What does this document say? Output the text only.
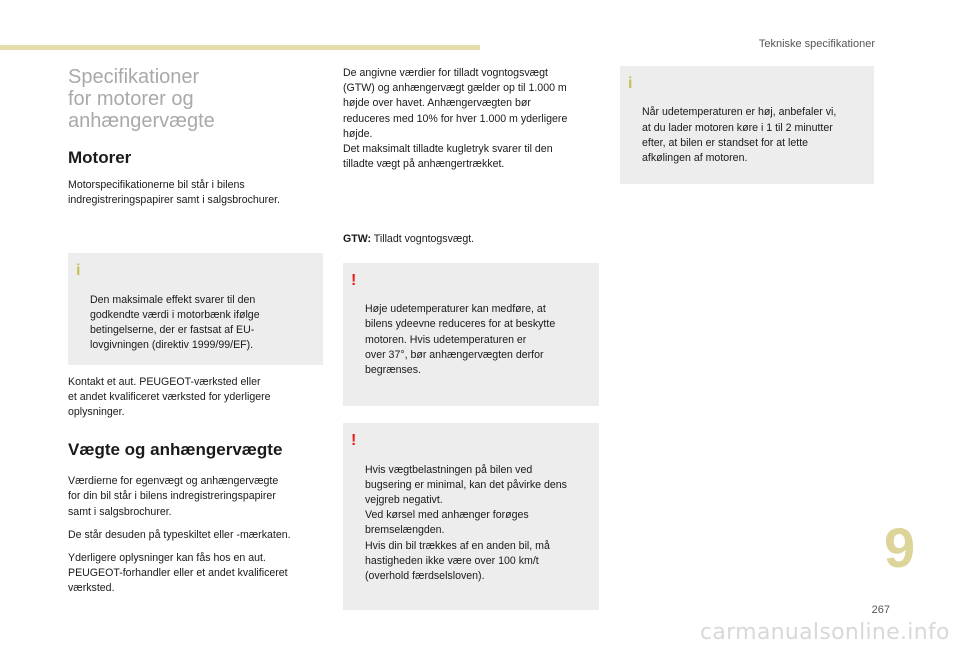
Tekniske specifikationer
Specifikationer
for motorer og
anhængervægte
Motorer
Motorspecifikationerne bil står i bilens
indregistreringspapirer samt i salgsbrochurer.

i

Den maksimale effekt svarer til den
godkendte værdi i motorbænk ifølge
betingelserne, der er fastsat af EU-
lovgivningen (direktiv 1999/99/EF).

Kontakt et aut. PEUGEOT-værksted eller
et andet kvalificeret værksted for yderligere
oplysninger.
Vægte og anhængervægte
Værdierne for egenvægt og anhængervægte
for din bil står i bilens indregistreringspapirer
samt i salgsbrochurer.
De står desuden på typeskiltet eller -mærkaten.
Yderligere oplysninger kan fås hos en aut.
PEUGEOT-forhandler eller et andet kvalificeret
værksted.
De angivne værdier for tilladt vogntogsvægt
(GTW) og anhængervægt gælder op til 1.000 m
højde over havet. Anhængervægten bør
reduceres med 10% for hver 1.000 m yderligere
højde.
Det maksimalt tilladte kugletryk svarer til den
tilladte vægt på anhængertrækket.

GTW: Tilladt vogntogsvægt.

!

Høje udetemperaturer kan medføre, at
bilens ydeevne reduceres for at beskytte
motoren. Hvis udetemperaturen er
over 37°, bør anhængervægten derfor
begrænses.

!

Hvis vægtbelastningen på bilen ved
bugsering er minimal, kan det påvirke dens
vejgreb negativt.
Ved kørsel med anhænger forøges
bremselængden.
Hvis din bil trækkes af en anden bil, må
hastigheden ikke være over 100 km/t
(overhold færdselsloven).

i

Når udetemperaturen er høj, anbefaler vi,
at du lader motoren køre i 1 til 2 minutter
efter, at bilen er standset for at lette
afkølingen af motoren.

9
267
carmanualsonline.info
